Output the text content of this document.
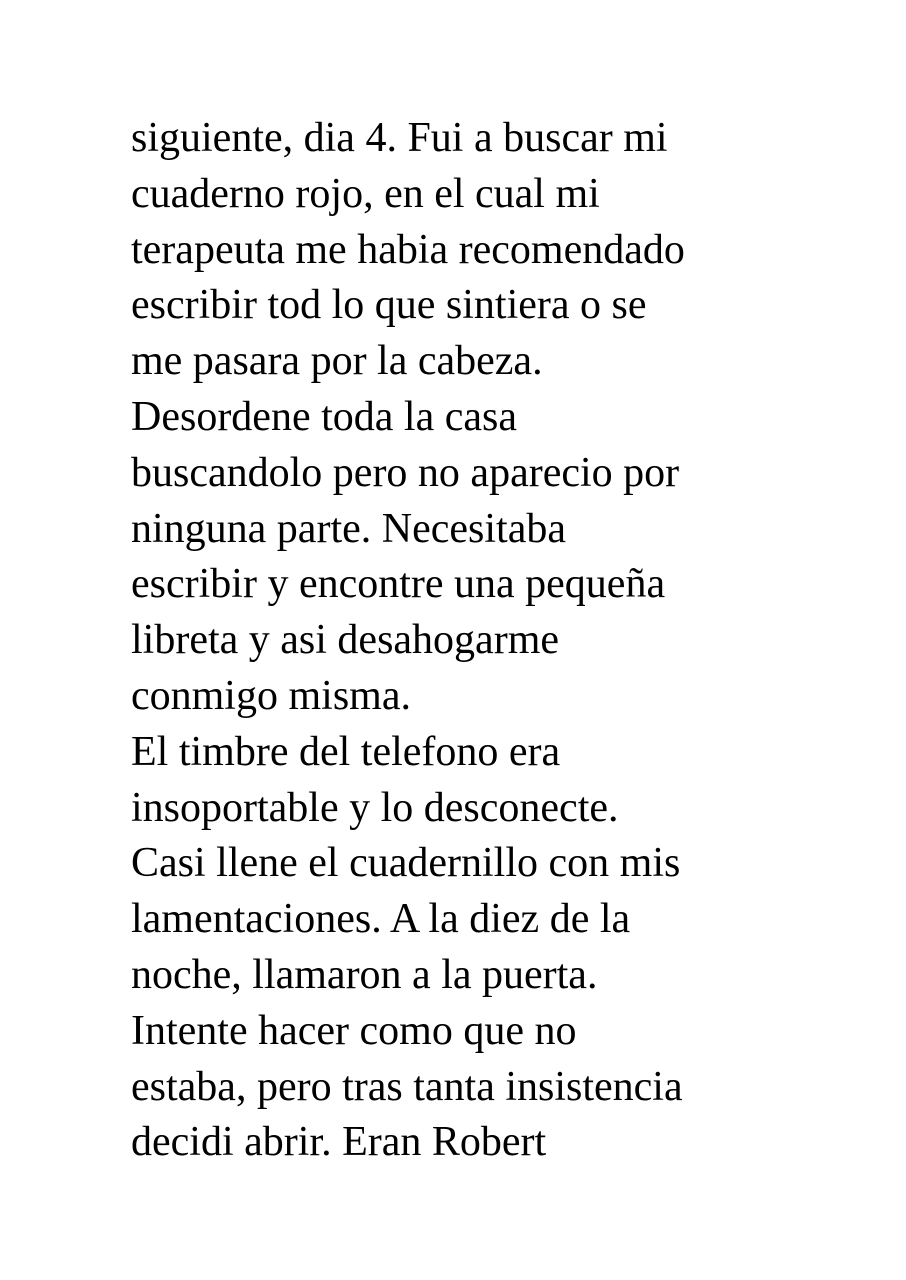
siguiente, dia 4. Fui a buscar mi
cuaderno rojo, en el cual mi
terapeuta me habia recomendado
escribir tod lo que sintiera o se
me pasara por la cabeza.
Desordene toda la casa
buscandolo pero no aparecio por
ninguna parte. Necesitaba
escribir y encontre una pequeña
libreta y asi desahogarme
conmigo misma.
El timbre del telefono era
insoportable y lo desconecte.
Casi llene el cuadernillo con mis
lamentaciones. A la diez de la
noche, llamaron a la puerta.
Intente hacer como que no
estaba, pero tras tanta insistencia
decidi abrir. Eran Robert
